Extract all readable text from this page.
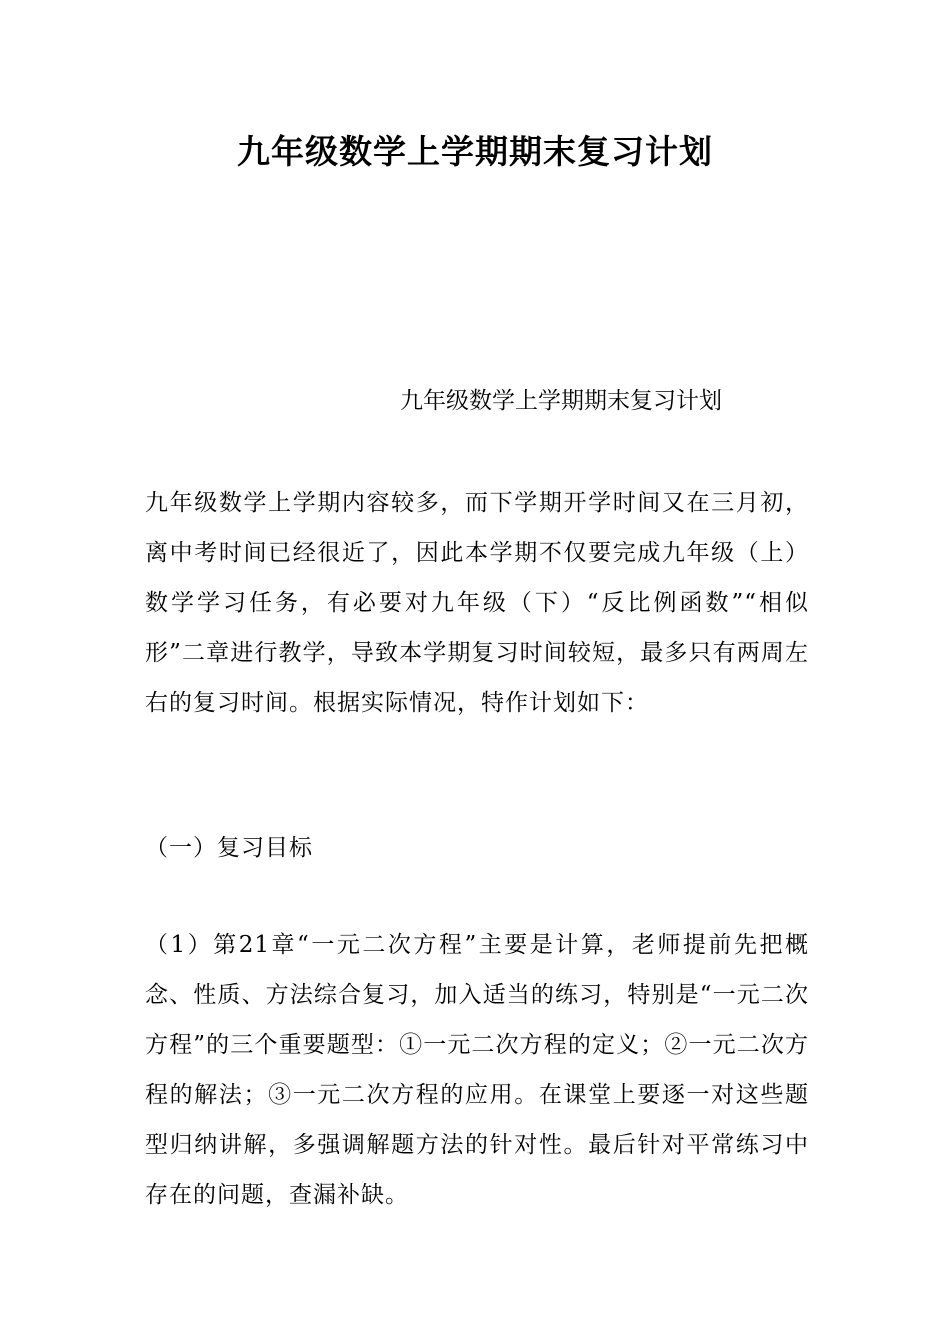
九年级数学上学期期末复习计划

九年级数学上学期期末复习计划

九年级数学上学期内容较多，而下学期开学时间又在三月初，离中考时间已经很近了，因此本学期不仅要完成九年级（上）数学学习任务，有必要对九年级（下）“反比例函数”“相似形”二章进行教学，导致本学期复习时间较短，最多只有两周左右的复习时间。根据实际情况，特作计划如下：

（一）复习目标

（1）第21章“一元二次方程”主要是计算，老师提前先把概念、性质、方法综合复习，加入适当的练习，特别是“一元二次方程”的三个重要题型：①一元二次方程的定义；②一元二次方程的解法；③一元二次方程的应用。在课堂上要逐一对这些题型归纳讲解，多强调解题方法的针对性。最后针对平常练习中存在的问题，查漏补缺。
